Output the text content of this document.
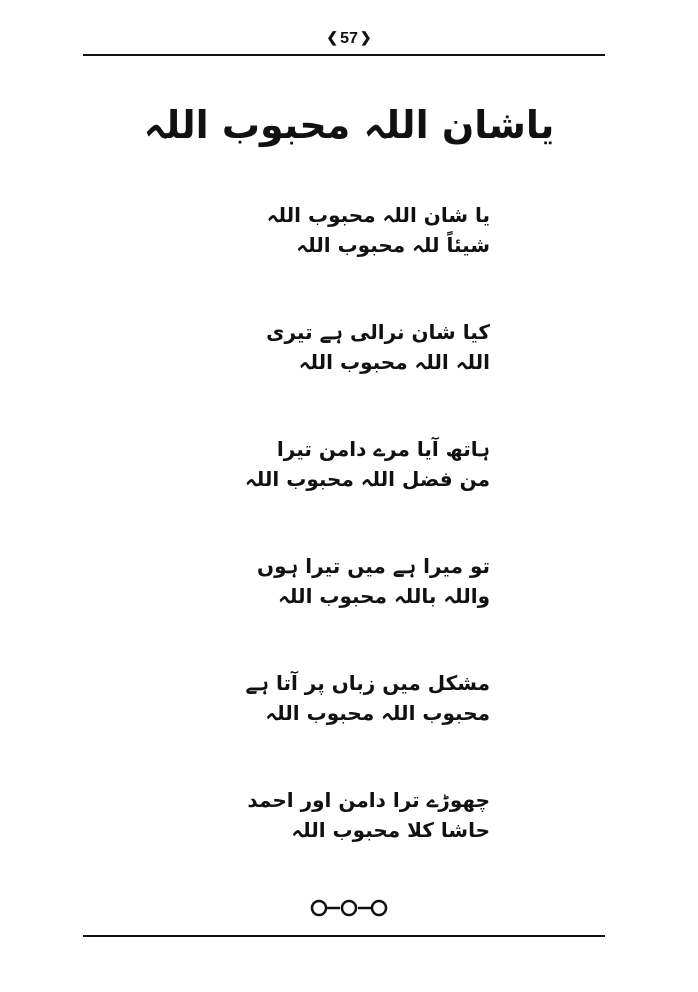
❮ 57 ❯
یاشان اللہ محبوب اللہ
یا شان اللہ محبوب اللہ
شیئاً للہ محبوب اللہ
کیا شان نرالی ہے تیری
اللہ اللہ محبوب اللہ
ہاتھ آیا مرے دامن تیرا
من فضل اللہ محبوب اللہ
تو میرا ہے میں تیرا ہوں
واللہ باللہ محبوب اللہ
مشکل میں زباں پر آتا ہے
محبوب اللہ محبوب اللہ
چھوڑے ترا دامن اور احمد
حاشا کلا محبوب اللہ
